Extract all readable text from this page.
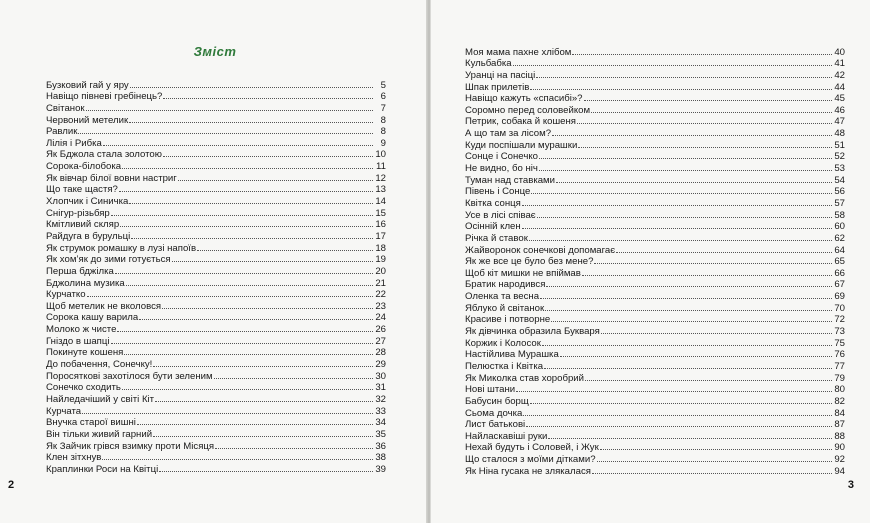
Зміст
Бузковий гай у яру	5
Навіщо півневі гребінець?	6
Світанок	7
Червоний метелик	8
Равлик	8
Лілія і Рибка	9
Як Бджола стала золотою	10
Сорока-білобока	11
Як вівчар білої вовни настриг	12
Що таке щастя?	13
Хлопчик і Синичка	14
Снігур-різьбяр	15
Кмітливий скляр	16
Райдуга в бурульці	17
Як струмок ромашку в лузі напоїв	18
Як хом’як до зими готується	19
Перша бджілка	20
Бджолина музика	21
Курчатко	22
Щоб метелик не вколовся	23
Сорока кашу варила	24
Молоко ж чисте	26
Гніздо в шапці	27
Покинуте кошеня	28
До побачення, Сонечку!	29
Поросяткові захотілося бути зеленим	30
Сонечко сходить	31
Найледачіший у світі Кіт	32
Курчата	33
Внучка старої вишні	34
Він тільки живий гарний	35
Як Зайчик грівся взимку проти Місяця	36
Клен зітхнув	38
Краплинки Роси на Квітці	39
2
Моя мама пахне хлібом	40
Кульбабка	41
Уранці на пасіці	42
Шпак прилетів	44
Навіщо кажуть «спасибі»?	45
Соромно перед соловейком	46
Петрик, собака й кошеня	47
А що там за лісом?	48
Куди поспішали мурашки	51
Сонце і Сонечко	52
Не видно, бо ніч	53
Туман над ставками	54
Півень і Сонце	56
Квітка сонця	57
Усе в лісі співає	58
Осінній клен	60
Річка й ставок	62
Жайворонок сонечкові допомагає	64
Як же все це було без мене?	65
Щоб кіт мишки не впіймав	66
Братик народився	67
Оленка та весна	69
Яблуко й світанок	70
Красиве і потворне	72
Як дівчинка образила Букваря	73
Коржик і Колосок	75
Настійлива Мурашка	76
Пелюстка і Квітка	77
Як Миколка став хоробрий	79
Нові штани	80
Бабусин борщ	82
Сьома дочка	84
Лист батькові	87
Найласкавіші руки	88
Нехай будуть і Соловей, і Жук	90
Що сталося з моїми дітками?	92
Як Ніна гусака не злякалася	94
3
